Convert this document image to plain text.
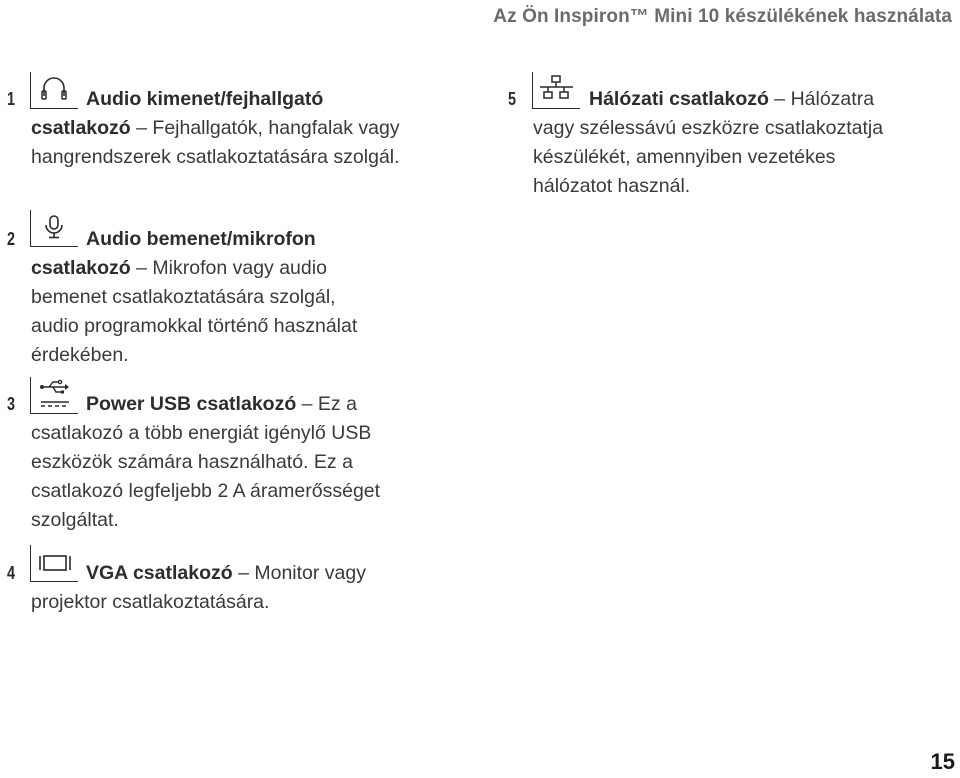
Az Ön Inspiron™ Mini 10 készülékének használata
1	Audio kimenet/fejhallgató
csatlakozó – Fejhallgatók, hangfalak vagy
hangrendszerek csatlakoztatására szolgál.
2	Audio bemenet/mikrofon
csatlakozó – Mikrofon vagy audio
bemenet csatlakoztatására szolgál,
audio programokkal történő használat
érdekében.
3	Power USB csatlakozó – Ez a
csatlakozó a több energiát igénylő USB
eszközök számára használható. Ez a
csatlakozó legfeljebb 2 A áramerősséget
szolgáltat.
4	VGA csatlakozó – Monitor vagy
projektor csatlakoztatására.
5	Hálózati csatlakozó – Hálózatra
vagy szélessávú eszközre csatlakoztatja
készülékét, amennyiben vezetékes
hálózatot használ.
15
